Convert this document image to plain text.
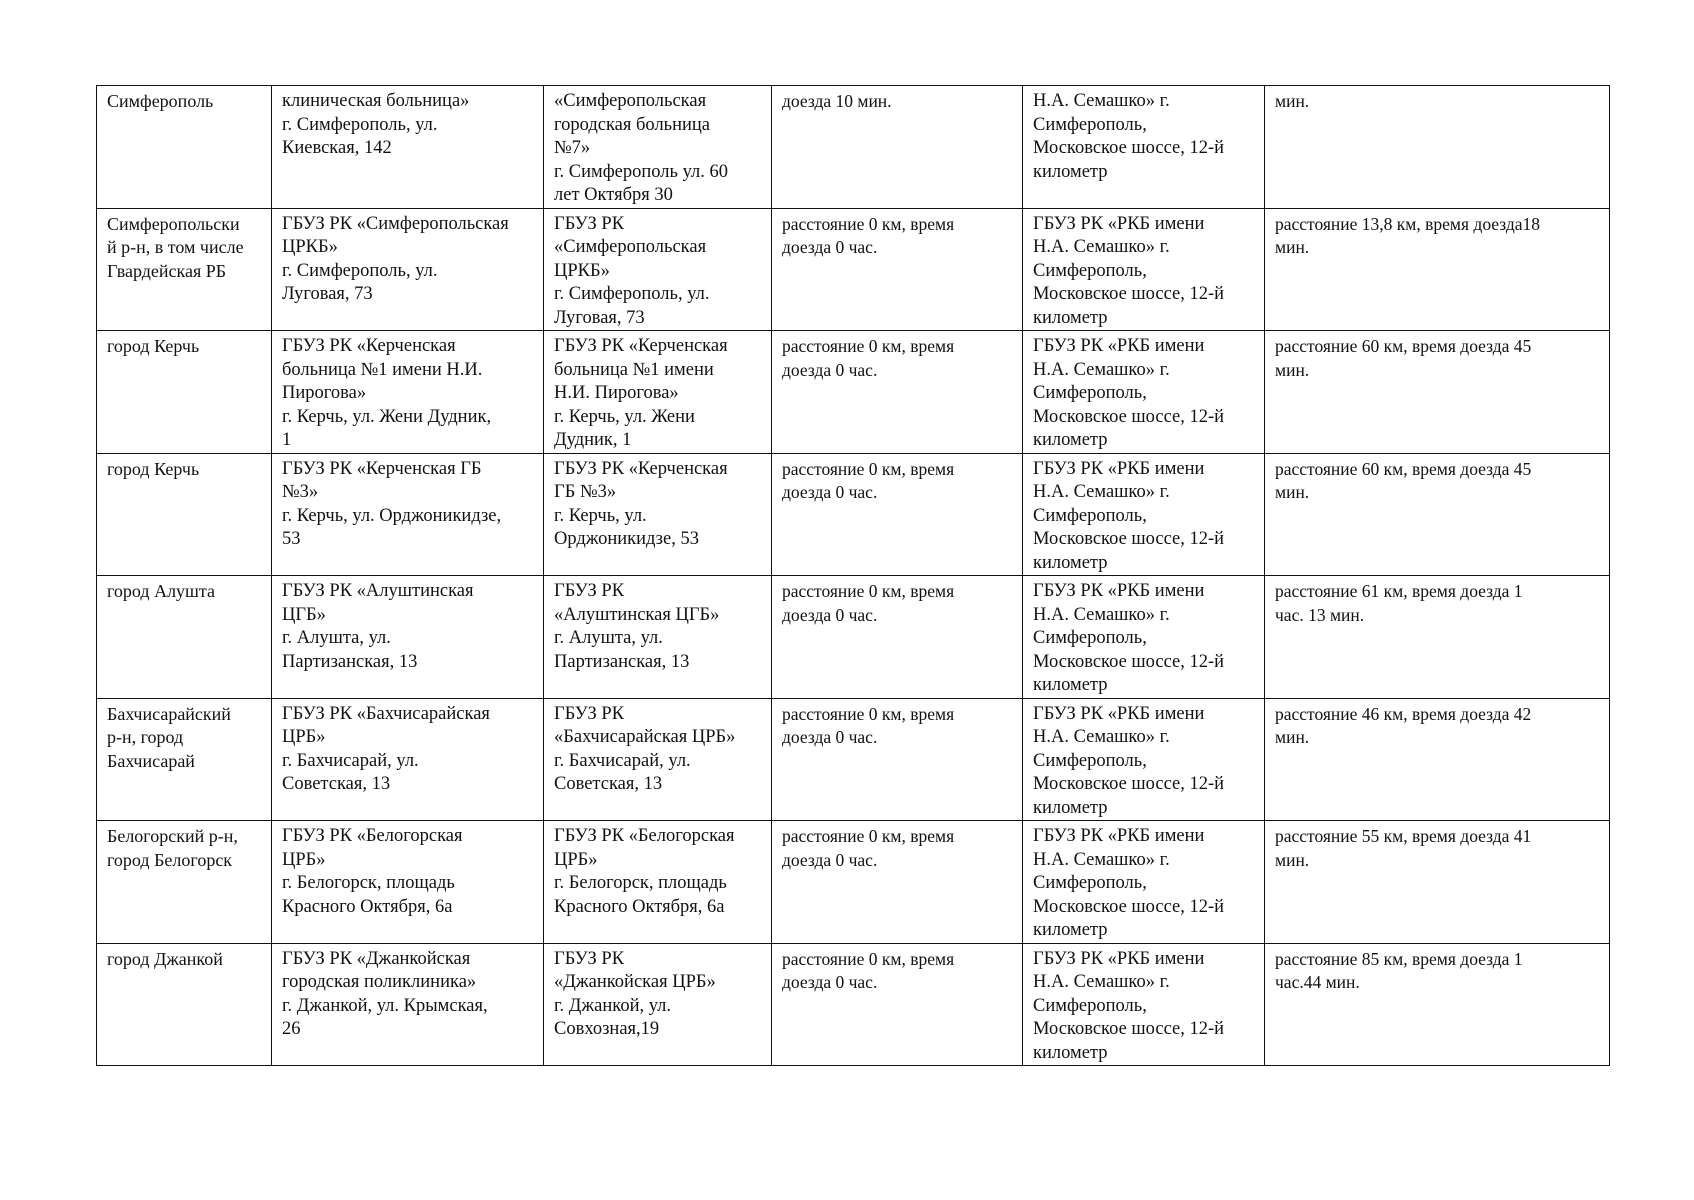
Симферополь	клиническая больница»
г. Симферополь, ул.
Киевская, 142	«Симферопольская
городская больница
№7»
г. Симферополь ул. 60
лет Октября 30	доезда 10 мин.	Н.А. Семашко» г.
Симферополь,
Московское шоссе, 12-й
километр	мин.
Симферопольски
й р-н, в том числе
Гвардейская РБ	ГБУЗ РК «Симферопольская
ЦРКБ»
г. Симферополь, ул.
Луговая, 73	ГБУЗ РК
«Симферопольская
ЦРКБ»
г. Симферополь, ул.
Луговая, 73	расстояние 0 км, время
доезда 0 час.	ГБУЗ РК «РКБ имени
Н.А. Семашко» г.
Симферополь,
Московское шоссе, 12-й
километр	расстояние 13,8 км, время доезда18
мин.
город Керчь	ГБУЗ РК «Керченская
больница №1 имени Н.И.
Пирогова»
г. Керчь, ул. Жени Дудник,
1	ГБУЗ РК «Керченская
больница №1 имени
Н.И. Пирогова»
г. Керчь, ул. Жени
Дудник, 1	расстояние 0 км, время
доезда 0 час.	ГБУЗ РК «РКБ имени
Н.А. Семашко» г.
Симферополь,
Московское шоссе, 12-й
километр	расстояние 60 км, время доезда 45
мин.
город Керчь	ГБУЗ РК «Керченская ГБ
№3»
г. Керчь, ул. Орджоникидзе,
53	ГБУЗ РК «Керченская
ГБ №3»
г. Керчь, ул.
Орджоникидзе, 53	расстояние 0 км, время
доезда 0 час.	ГБУЗ РК «РКБ имени
Н.А. Семашко» г.
Симферополь,
Московское шоссе, 12-й
километр	расстояние 60 км, время доезда 45
мин.
город Алушта	ГБУЗ РК «Алуштинская
ЦГБ»
г. Алушта, ул.
Партизанская, 13	ГБУЗ РК
«Алуштинская ЦГБ»
г. Алушта, ул.
Партизанская, 13	расстояние 0 км, время
доезда 0 час.	ГБУЗ РК «РКБ имени
Н.А. Семашко» г.
Симферополь,
Московское шоссе, 12-й
километр	расстояние 61 км, время доезда 1
час. 13 мин.
Бахчисарайский
р-н, город
Бахчисарай	ГБУЗ РК «Бахчисарайская
ЦРБ»
г. Бахчисарай, ул.
Советская, 13	ГБУЗ РК
«Бахчисарайская ЦРБ»
г. Бахчисарай, ул.
Советская, 13	расстояние 0 км, время
доезда 0 час.	ГБУЗ РК «РКБ имени
Н.А. Семашко» г.
Симферополь,
Московское шоссе, 12-й
километр	расстояние 46 км, время доезда 42
мин.
Белогорский р-н,
город Белогорск	ГБУЗ РК «Белогорская
ЦРБ»
г. Белогорск, площадь
Красного Октября, 6а	ГБУЗ РК «Белогорская
ЦРБ»
г. Белогорск, площадь
Красного Октября, 6а	расстояние 0 км, время
доезда 0 час.	ГБУЗ РК «РКБ имени
Н.А. Семашко» г.
Симферополь,
Московское шоссе, 12-й
километр	расстояние 55 км, время доезда 41
мин.
город Джанкой	ГБУЗ РК «Джанкойская
городская поликлиника»
г. Джанкой, ул. Крымская,
26	ГБУЗ РК
«Джанкойская ЦРБ»
г. Джанкой, ул.
Совхозная,19	расстояние 0 км, время
доезда 0 час.	ГБУЗ РК «РКБ имени
Н.А. Семашко» г.
Симферополь,
Московское шоссе, 12-й
километр	расстояние 85 км, время доезда 1
час.44 мин.
